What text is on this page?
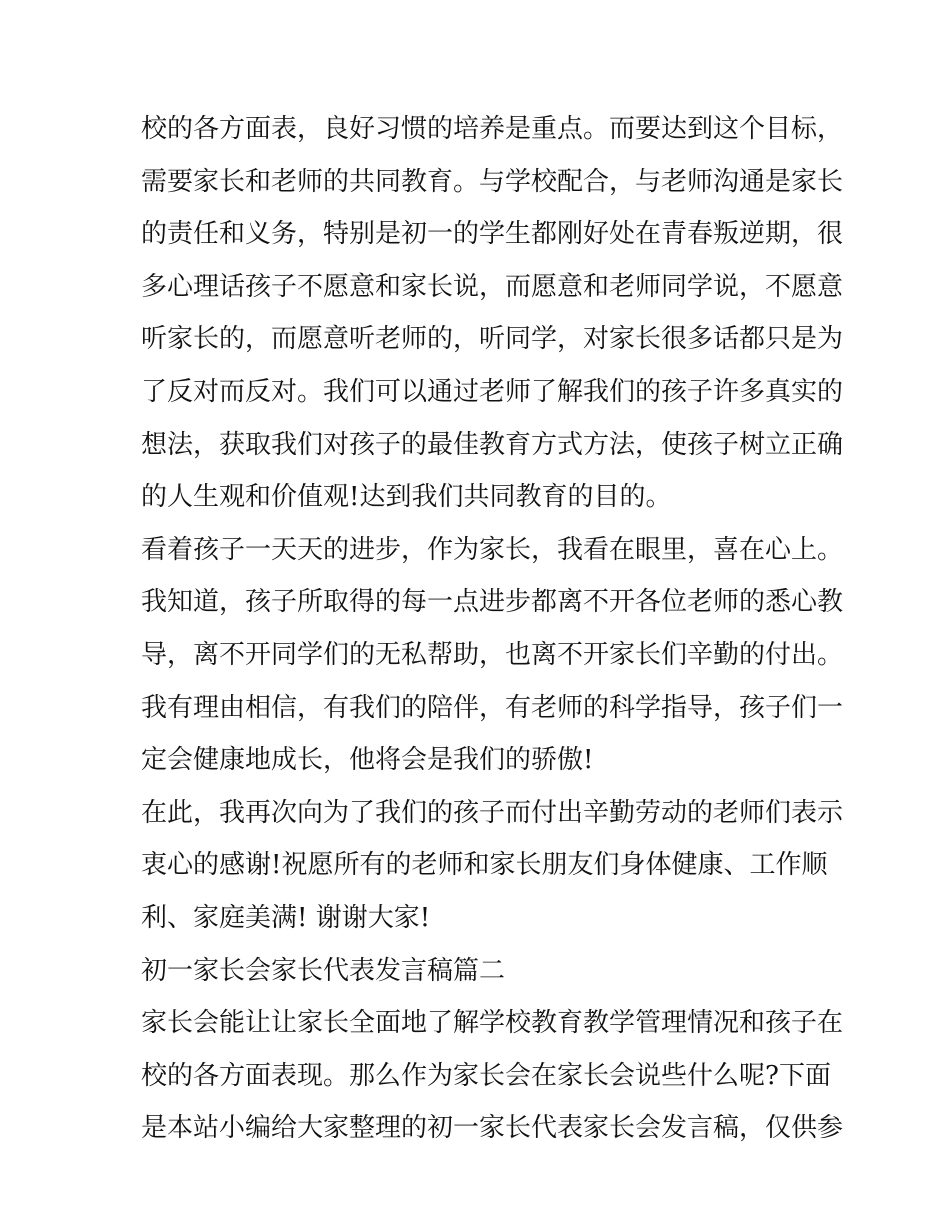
校的各方面表，良好习惯的培养是重点。而要达到这个目标，
需要家长和老师的共同教育。与学校配合，与老师沟通是家长
的责任和义务，特别是初一的学生都刚好处在青春叛逆期，很
多心理话孩子不愿意和家长说，而愿意和老师同学说，不愿意
听家长的，而愿意听老师的，听同学，对家长很多话都只是为
了反对而反对。我们可以通过老师了解我们的孩子许多真实的
想法，获取我们对孩子的最佳教育方式方法，使孩子树立正确
的人生观和价值观!达到我们共同教育的目的。
看着孩子一天天的进步，作为家长，我看在眼里，喜在心上。
我知道，孩子所取得的每一点进步都离不开各位老师的悉心教
导，离不开同学们的无私帮助，也离不开家长们辛勤的付出。
我有理由相信，有我们的陪伴，有老师的科学指导，孩子们一
定会健康地成长，他将会是我们的骄傲!
在此，我再次向为了我们的孩子而付出辛勤劳动的老师们表示
衷心的感谢!祝愿所有的老师和家长朋友们身体健康、工作顺
利、家庭美满! 谢谢大家!
初一家长会家长代表发言稿篇二
家长会能让让家长全面地了解学校教育教学管理情况和孩子在
校的各方面表现。那么作为家长会在家长会说些什么呢?下面
是本站小编给大家整理的初一家长代表家长会发言稿，仅供参
